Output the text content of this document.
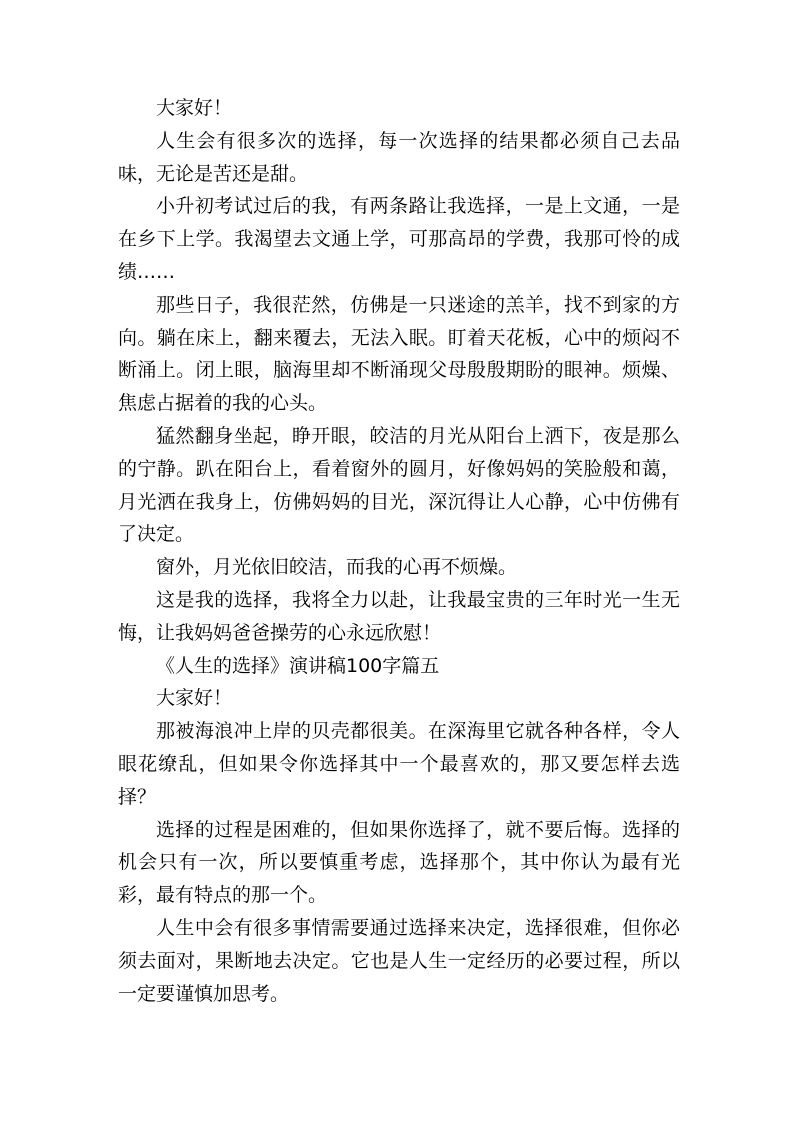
大家好！

人生会有很多次的选择，每一次选择的结果都必须自己去品味，无论是苦还是甜。

小升初考试过后的我，有两条路让我选择，一是上文通，一是在乡下上学。我渴望去文通上学，可那高昂的学费，我那可怜的成绩……

那些日子，我很茫然，仿佛是一只迷途的羔羊，找不到家的方向。躺在床上，翻来覆去，无法入眠。盯着天花板，心中的烦闷不断涌上。闭上眼，脑海里却不断涌现父母殷殷期盼的眼神。烦燥、焦虑占据着的我的心头。

猛然翻身坐起，睁开眼，皎洁的月光从阳台上洒下，夜是那么的宁静。趴在阳台上，看着窗外的圆月，好像妈妈的笑脸般和蔼，月光洒在我身上，仿佛妈妈的目光，深沉得让人心静，心中仿佛有了决定。

窗外，月光依旧皎洁，而我的心再不烦燥。

这是我的选择，我将全力以赴，让我最宝贵的三年时光一生无悔，让我妈妈爸爸操劳的心永远欣慰！

《人生的选择》演讲稿100字篇五

大家好！

那被海浪冲上岸的贝壳都很美。在深海里它就各种各样，令人眼花缭乱，但如果令你选择其中一个最喜欢的，那又要怎样去选择？

选择的过程是困难的，但如果你选择了，就不要后悔。选择的机会只有一次，所以要慎重考虑，选择那个，其中你认为最有光彩，最有特点的那一个。

人生中会有很多事情需要通过选择来决定，选择很难，但你必须去面对，果断地去决定。它也是人生一定经历的必要过程，所以一定要谨慎加思考。
